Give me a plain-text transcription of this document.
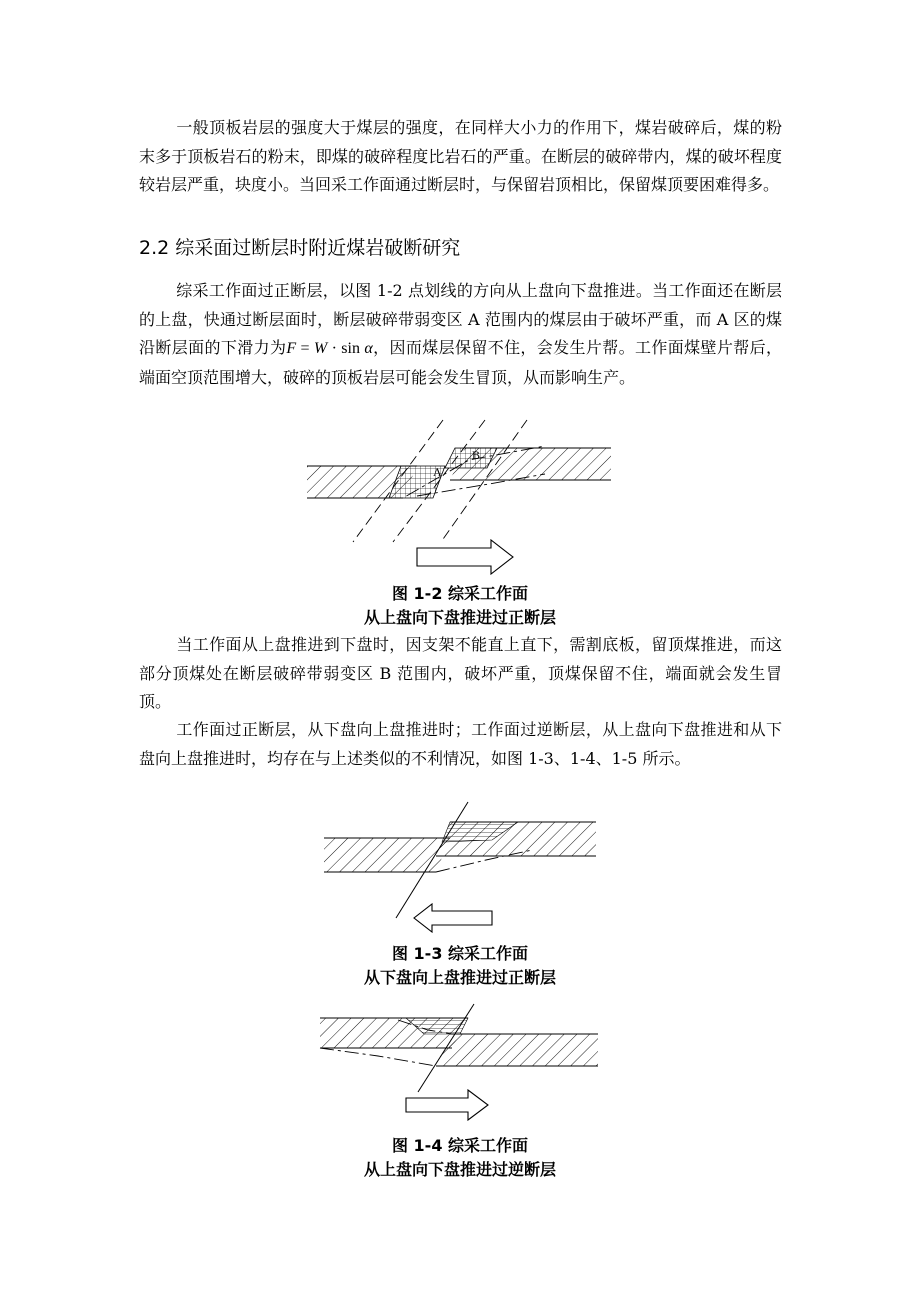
一般顶板岩层的强度大于煤层的强度，在同样大小力的作用下，煤岩破碎后，煤的粉末多于顶板岩石的粉末，即煤的破碎程度比岩石的严重。在断层的破碎带内，煤的破坏程度较岩层严重，块度小。当回采工作面通过断层时，与保留岩顶相比，保留煤顶要困难得多。

2.2 综采面过断层时附近煤岩破断研究

综采工作面过正断层，以图 1-2 点划线的方向从上盘向下盘推进。当工作面还在断层的上盘，快通过断层面时，断层破碎带弱变区 A 范围内的煤层由于破坏严重，而 A 区的煤沿断层面的下滑力为F = W · sin α，因而煤层保留不住，会发生片帮。工作面煤壁片帮后，端面空顶范围增大，破碎的顶板岩层可能会发生冒顶，从而影响生产。

A
B
图 1-2 综采工作面
从上盘向下盘推进过正断层

当工作面从上盘推进到下盘时，因支架不能直上直下，需割底板，留顶煤推进，而这部分顶煤处在断层破碎带弱变区 B 范围内，破坏严重，顶煤保留不住，端面就会发生冒顶。

工作面过正断层，从下盘向上盘推进时；工作面过逆断层，从上盘向下盘推进和从下盘向上盘推进时，均存在与上述类似的不利情况，如图 1-3、1-4、1-5 所示。

图 1-3 综采工作面
从下盘向上盘推进过正断层
图 1-4 综采工作面
从上盘向下盘推进过逆断层
